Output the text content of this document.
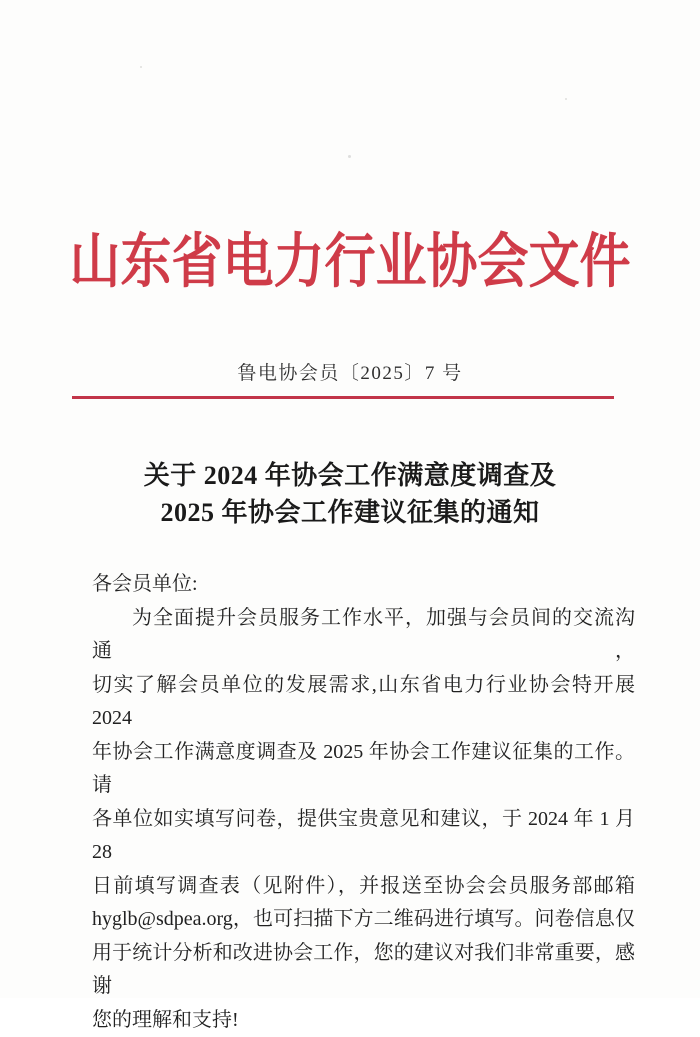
山东省电力行业协会文件
鲁电协会员〔2025〕7 号
关于 2024 年协会工作满意度调查及
2025 年协会工作建议征集的通知
各会员单位:
为全面提升会员服务工作水平，加强与会员间的交流沟通，
切实了解会员单位的发展需求,山东省电力行业协会特开展 2024
年协会工作满意度调查及 2025 年协会工作建议征集的工作。请
各单位如实填写问卷，提供宝贵意见和建议，于 2024 年 1 月 28
日前填写调查表（见附件），并报送至协会会员服务部邮箱
hyglb@sdpea.org，也可扫描下方二维码进行填写。问卷信息仅
用于统计分析和改进协会工作，您的建议对我们非常重要，感谢
您的理解和支持!
